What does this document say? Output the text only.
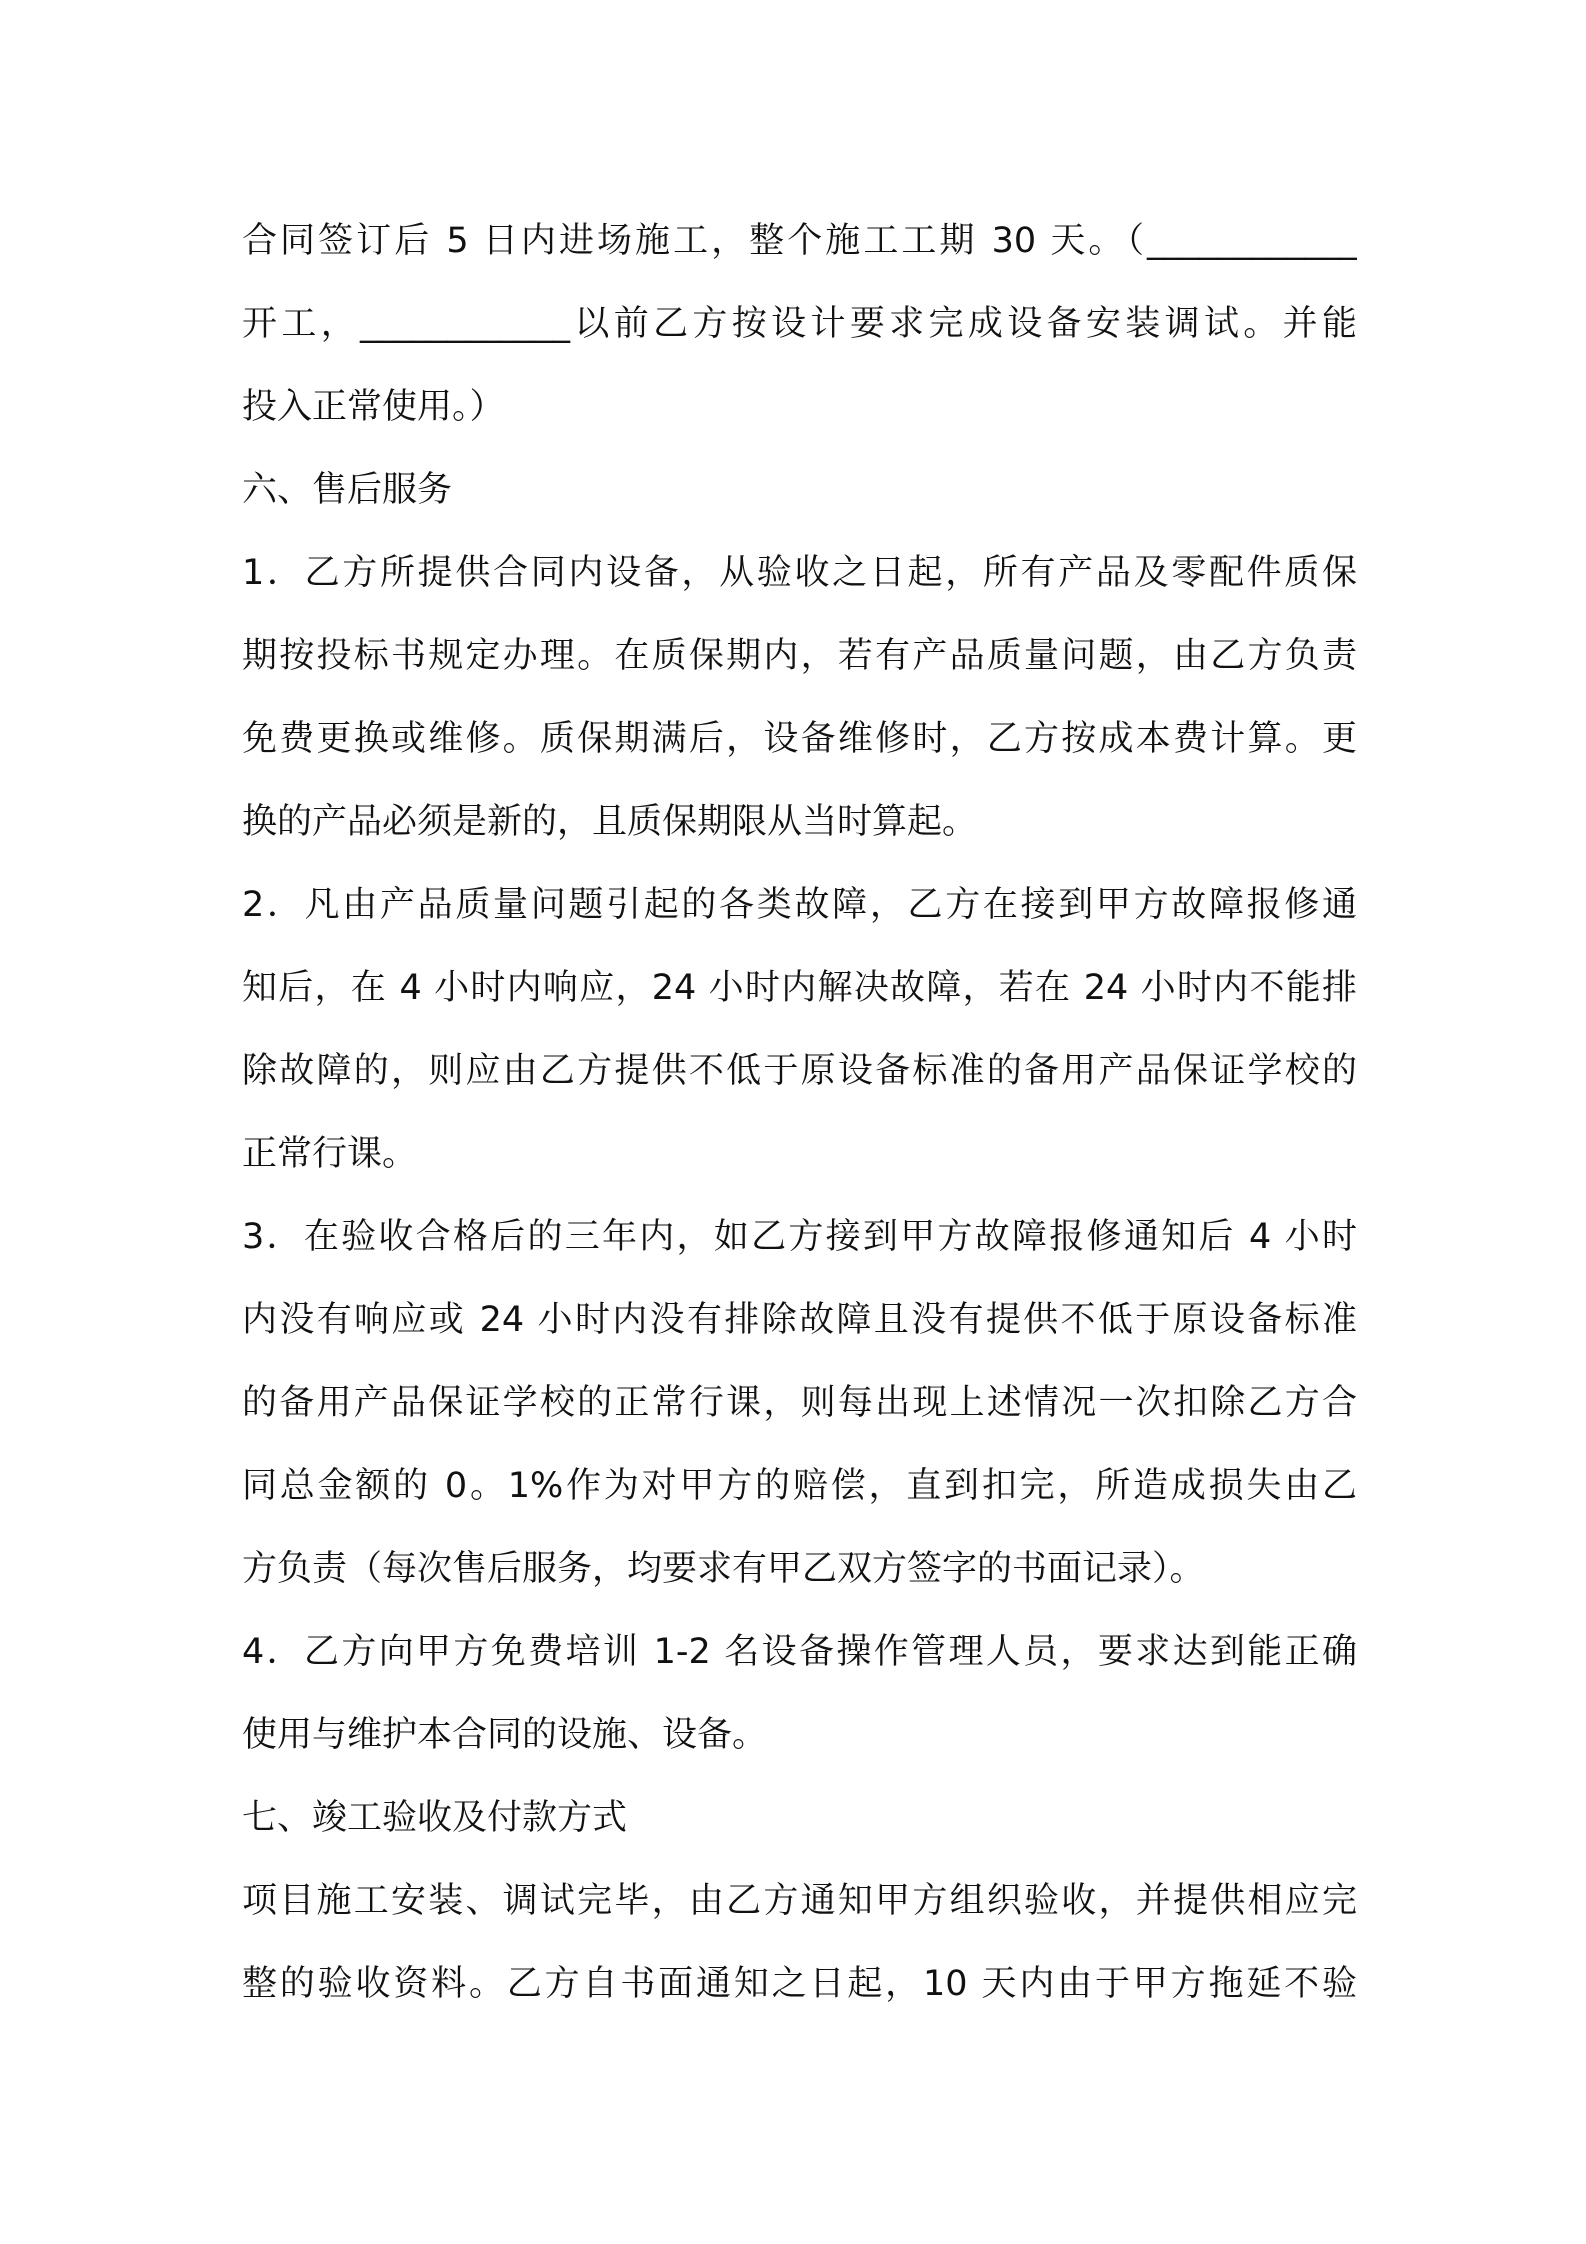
合同签订后 5 日内进场施工，整个施工工期 30 天。（____________
开工，____________以前乙方按设计要求完成设备安装调试。并能
投入正常使用。）
六、售后服务
1．乙方所提供合同内设备，从验收之日起，所有产品及零配件质保
期按投标书规定办理。在质保期内，若有产品质量问题，由乙方负责
免费更换或维修。质保期满后，设备维修时，乙方按成本费计算。更
换的产品必须是新的，且质保期限从当时算起。
2．凡由产品质量问题引起的各类故障，乙方在接到甲方故障报修通
知后，在 4 小时内响应，24 小时内解决故障，若在 24 小时内不能排
除故障的，则应由乙方提供不低于原设备标准的备用产品保证学校的
正常行课。
3．在验收合格后的三年内，如乙方接到甲方故障报修通知后 4 小时
内没有响应或 24 小时内没有排除故障且没有提供不低于原设备标准
的备用产品保证学校的正常行课，则每出现上述情况一次扣除乙方合
同总金额的 0。1%作为对甲方的赔偿，直到扣完，所造成损失由乙
方负责（每次售后服务，均要求有甲乙双方签字的书面记录）。
4．乙方向甲方免费培训 1-2 名设备操作管理人员，要求达到能正确
使用与维护本合同的设施、设备。
七、竣工验收及付款方式
项目施工安装、调试完毕，由乙方通知甲方组织验收，并提供相应完
整的验收资料。乙方自书面通知之日起，10 天内由于甲方拖延不验
